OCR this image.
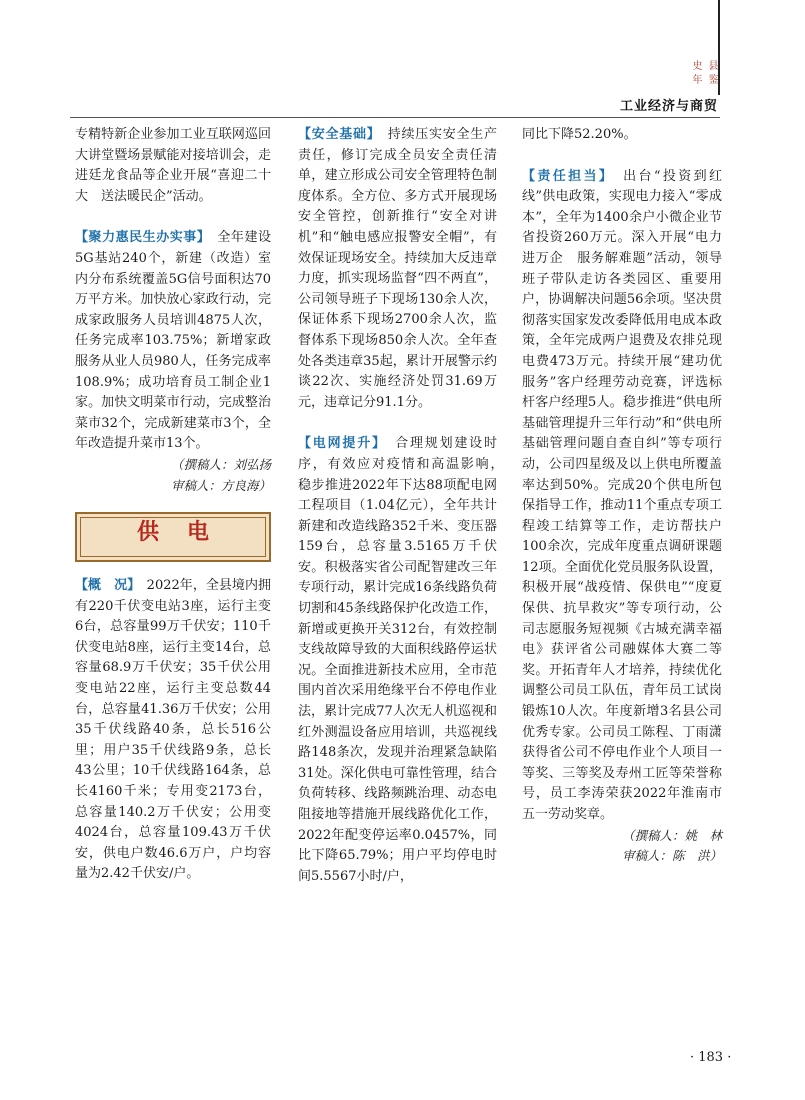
史 县
年 鉴
工业经济与商贸

专精特新企业参加工业互联网巡回大讲堂暨场景赋能对接培训会，走进廷龙食品等企业开展“喜迎二十大　送法暖民企”活动。

【聚力惠民生办实事】　全年建设5G基站240个，新建（改造）室内分布系统覆盖5G信号面积达70万平方米。加快放心家政行动，完成家政服务人员培训4875人次，任务完成率103.75%；新增家政服务从业人员980人，任务完成率108.9%；成功培育员工制企业1家。加快文明菜市行动，完成整治菜市32个，完成新建菜市3个，全年改造提升菜市13个。

（撰稿人：刘弘扬
审稿人：方良海）
供电

【概　况】　2022年，全县境内拥有220千伏变电站3座，运行主变6台，总容量99万千伏安；110千伏变电站8座，运行主变14台，总容量68.9万千伏安；35千伏公用变电站22座，运行主变总数44台，总容量41.36万千伏安；公用35千伏线路40条，总长516公里；用户35千伏线路9条，总长43公里；10千伏线路164条，总长4160千米；专用变2173台，总容量140.2万千伏安；公用变4024台，总容量109.43万千伏安，供电户数46.6万户，户均容量为2.42千伏安/户。

【安全基础】　持续压实安全生产责任，修订完成全员安全责任清单，建立形成公司安全管理特色制度体系。全方位、多方式开展现场安全管控，创新推行“安全对讲机”和“触电感应报警安全帽”，有效保证现场安全。持续加大反违章力度，抓实现场监督“四不两直”，公司领导班子下现场130余人次，保证体系下现场2700余人次，监督体系下现场850余人次。全年查处各类违章35起，累计开展警示约谈22次、实施经济处罚31.69万元，违章记分91.1分。

【电网提升】　合理规划建设时序，有效应对疫情和高温影响，　稳步推进2022年下达88项配电网工程项目（1.04亿元），全年共计新建和改造线路352千米、变压器159台，总容量3.5165万千伏安。积极落实省公司配智建改三年专项行动，累计完成16条线路负荷切割和45条线路保护化改造工作，新增或更换开关312台，有效控制支线故障导致的大面积线路停运状况。全面推进新技术应用，全市范围内首次采用绝缘平台不停电作业法，累计完成77人次无人机巡视和红外测温设备应用培训，共巡视线路148条次，发现并治理紧急缺陷31处。深化供电可靠性管理，结合负荷转移、线路频跳治理、动态电阻接地等措施开展线路优化工作，2022年配变停运率0.0457%，同比下降65.79%；用户平均停电时间5.5567小时/户，

同比下降52.20%。

【责任担当】　出台“投资到红线”供电政策，实现电力接入“零成本”，全年为1400余户小微企业节省投资260万元。深入开展“电力进万企　服务解难题”活动，领导班子带队走访各类园区、重要用户，协调解决问题56余项。坚决贯彻落实国家发改委降低用电成本政策，全年完成两户退费及农排兑现电费473万元。持续开展“建功优服务”客户经理劳动竞赛，评选标杆客户经理5人。稳步推进“供电所基础管理提升三年行动”和“供电所基础管理问题自查自纠”等专项行动，公司四星级及以上供电所覆盖率达到50%。完成20个供电所包保指导工作，推动11个重点专项工程竣工结算等工作，走访帮扶户100余次，完成年度重点调研课题12项。全面优化党员服务队设置，积极开展“战疫情、保供电”“度夏保供、抗旱救灾”等专项行动，公司志愿服务短视频《古城充满幸福电》获评省公司融媒体大赛二等奖。开拓青年人才培养，持续优化调整公司员工队伍，青年员工试岗锻炼10人次。年度新增3名县公司优秀专家。公司员工陈程、丁雨潇获得省公司不停电作业个人项目一等奖、三等奖及寿州工匠等荣誉称号，员工李涛荣获2022年淮南市五一劳动奖章。

（撰稿人：姚　林
审稿人：陈　洪）
· 183 ·
